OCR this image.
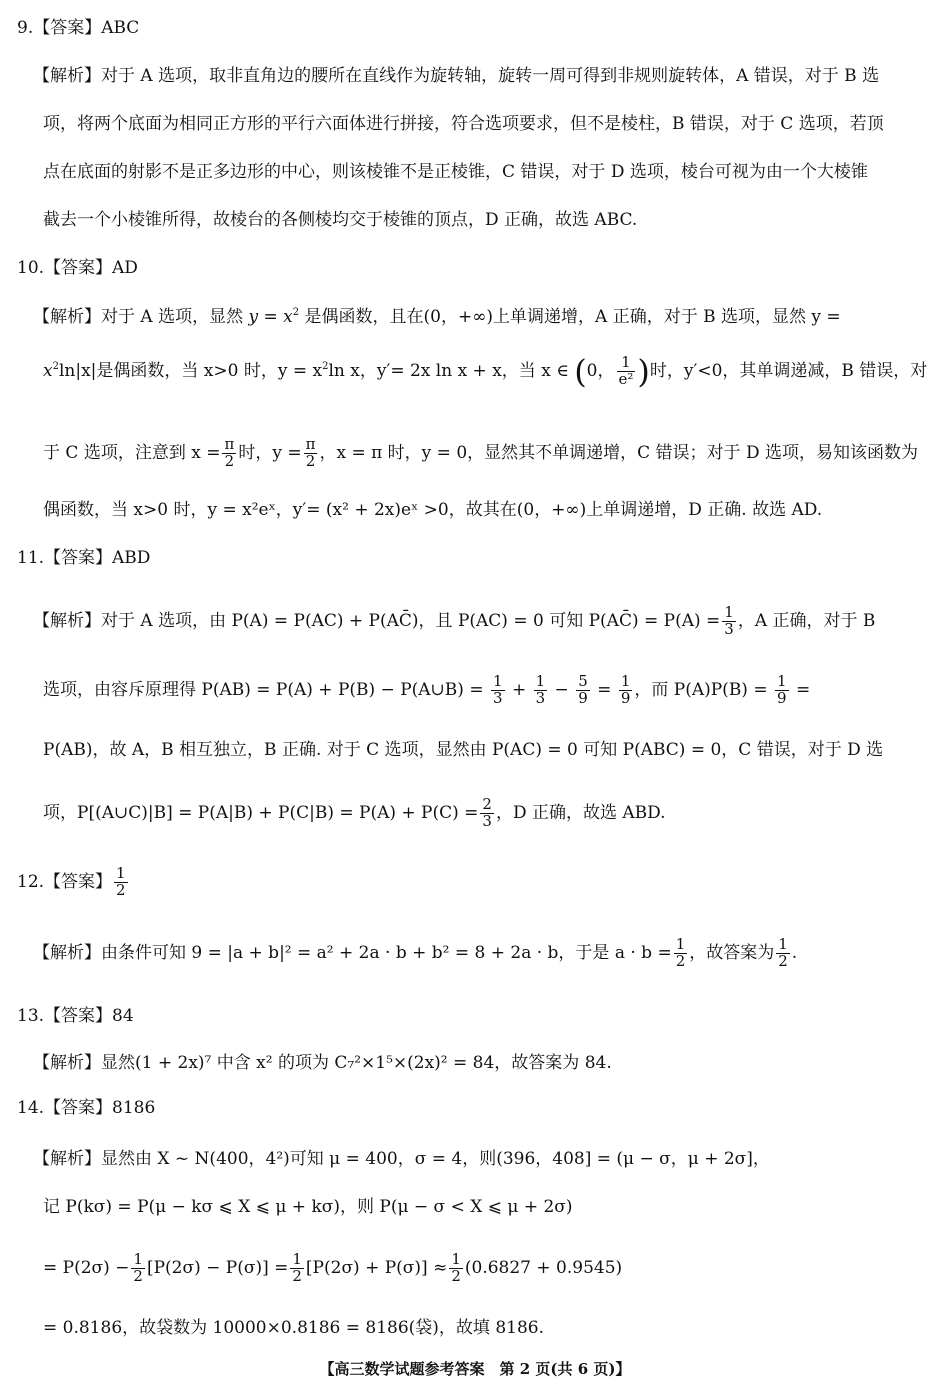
9.【答案】ABC
【解析】对于 A 选项，取非直角边的腰所在直线作为旋转轴，旋转一周可得到非规则旋转体，A 错误，对于 B 选
项，将两个底面为相同正方形的平行六面体进行拼接，符合选项要求，但不是棱柱，B 错误，对于 C 选项，若顶
点在底面的射影不是正多边形的中心，则该棱锥不是正棱锥，C 错误，对于 D 选项，棱台可视为由一个大棱锥
截去一个小棱锥所得，故棱台的各侧棱均交于棱锥的顶点，D 正确，故选 ABC.
10.【答案】AD
【解析】对于 A 选项，显然 $y = x^2$ 是偶函数，且在(0，+∞)上单调递增，A 正确，对于 B 选项，显然 y =
$x^2\ln|x|$是偶函数，当 x>0 时，$y = x^2\ln$ x，y′= 2x ln x + x，当 x ∈ (0， $\frac{1}{\text{e²}}$ )时，y′<0，其单调递减，B 错误，对
于 C 选项，注意到 $x = \frac{\pi}{2}$ 时，$y = \frac{\pi}{2}$ ，x = π 时，y = 0，显然其不单调递增，C 错误；对于 D 选项，易知该函数为
偶函数，当 x>0 时，y = x²eˣ，y′= (x² + 2x)eˣ >0，故其在(0，+∞)上单调递增，D 正确. 故选 AD.
11.【答案】ABD
【解析】对于 A 选项，由 P(A) = P(AC) + P(AC̄)，且 P(AC) = 0 可知 P(AC̄) = $P(A) = \frac{1}{3}$ ，A 正确，对于 B
选项，由容斥原理得 P(AB) = P(A) + P(B) − P(A∪B) = $\frac{1}{3} + \frac{1}{3} - \frac{5}{9} = \frac{1}{9}$ ，而 $P(A)P(B) = \frac{1}{9}$ =
P(AB)，故 A，B 相互独立，B 正确. 对于 C 选项，显然由 P(AC) = 0 可知 P(ABC) = 0，C 错误，对于 D 选
项，P[(A∪C)|B] = $P(A|B) + P(C|B) = P(A) + P(C) = \frac{2}{3}$ ，D 正确，故选 ABD.
12.【答案】 $\frac{1}{2}$
【解析】由条件可知 9 = |a + b|² = a² + 2a · b + b² = 8 + 2a · b，于是 $a \cdot b = \frac{1}{2}$ ，故答案为 $\frac{1}{2}$ .
13.【答案】84
【解析】显然(1 + 2x)⁷ 中含 x² 的项为 C₇²×1⁵×(2x)² = 84，故答案为 84.
14.【答案】8186
【解析】显然由 X ~ N(400，4²)可知 μ = 400，σ = 4，则(396，408] = (μ − σ，μ + 2σ]，
记 P(kσ) = P(μ − kσ ⩽ X ⩽ μ + kσ)，则 P(μ − σ < X ⩽ μ + 2σ)
= $P(2\sigma) - \frac{1}{2} [P(2\sigma) - P(\sigma)] = \frac{1}{2} [P(2\sigma) + P(\sigma)] \approx \frac{1}{2} (0.6827 + 0.9545)$
= 0.8186，故袋数为 10000×0.8186 = 8186(袋)，故填 8186.
【高三数学试题参考答案　第 2 页(共 6 页)】
